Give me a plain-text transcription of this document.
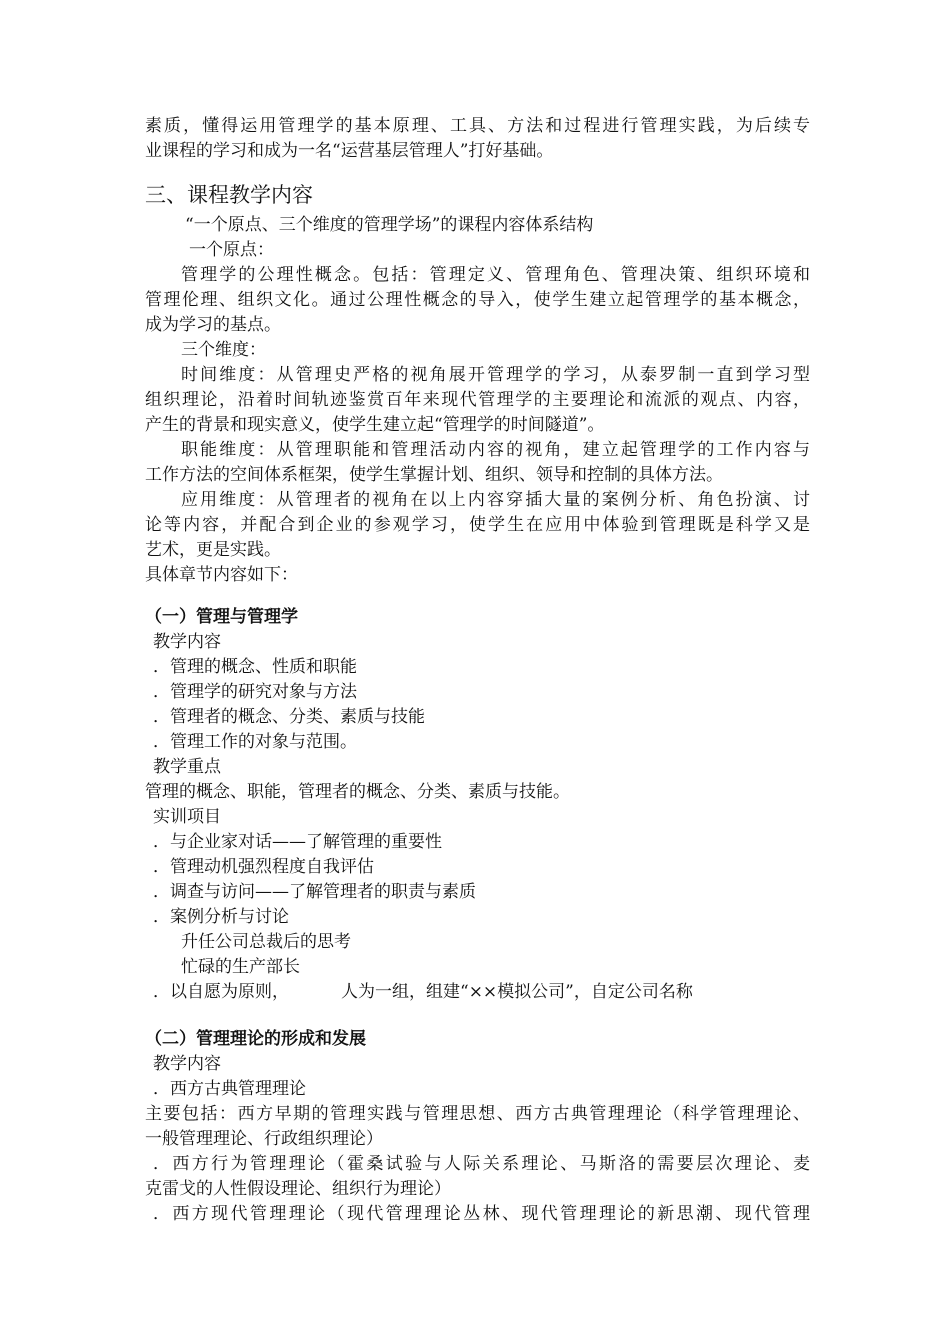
素质，懂得运用管理学的基本原理、工具、方法和过程进行管理实践，为后续专
业课程的学习和成为一名“运营基层管理人”打好基础。
三、课程教学内容
“一个原点、三个维度的管理学场”的课程内容体系结构
一个原点：
管理学的公理性概念。包括：管理定义、管理角色、管理决策、组织环境和
管理伦理、组织文化。通过公理性概念的导入，使学生建立起管理学的基本概念，
成为学习的基点。
三个维度：
时间维度：从管理史严格的视角展开管理学的学习，从泰罗制一直到学习型
组织理论，沿着时间轨迹鉴赏百年来现代管理学的主要理论和流派的观点、内容，
产生的背景和现实意义，使学生建立起“管理学的时间隧道”。
职能维度：从管理职能和管理活动内容的视角，建立起管理学的工作内容与
工作方法的空间体系框架，使学生掌握计划、组织、领导和控制的具体方法。
应用维度：从管理者的视角在以上内容穿插大量的案例分析、角色扮演、讨
论等内容，并配合到企业的参观学习，使学生在应用中体验到管理既是科学又是
艺术，更是实践。
具体章节内容如下：
（一）管理与管理学
教学内容
．管理的概念、性质和职能
．管理学的研究对象与方法
．管理者的概念、分类、素质与技能
．管理工作的对象与范围。
教学重点
管理的概念、职能，管理者的概念、分类、素质与技能。
实训项目
．与企业家对话——了解管理的重要性
．管理动机强烈程度自我评估
．调查与访问——了解管理者的职责与素质
．案例分析与讨论
升任公司总裁后的思考
忙碌的生产部长
．以自愿为原则，	人为一组，组建“××模拟公司”，自定公司名称
（二）管理理论的形成和发展
教学内容
．西方古典管理理论
主要包括：西方早期的管理实践与管理思想、西方古典管理理论（科学管理理论、
一般管理理论、行政组织理论）
．西方行为管理理论（霍桑试验与人际关系理论、马斯洛的需要层次理论、麦
克雷戈的人性假设理论、组织行为理论）
．西方现代管理理论（现代管理理论丛林、现代管理理论的新思潮、现代管理
